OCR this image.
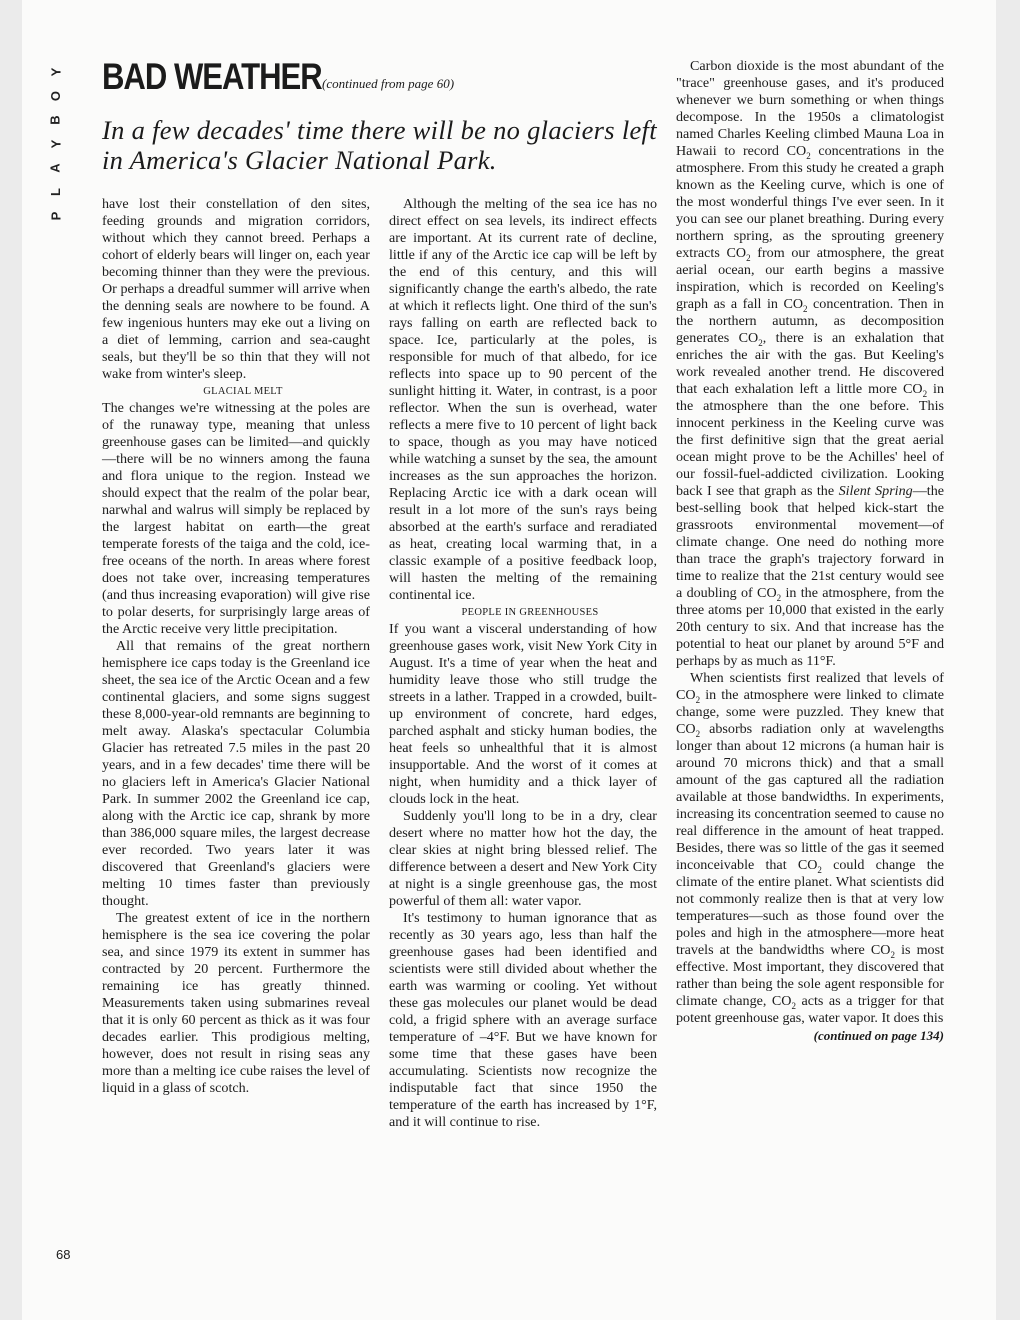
Y
O
B
Y
A
L
P
BAD WEATHER (continued from page 60)
In a few decades' time there will be no glaciers left in America's Glacier National Park.

have lost their constellation of den sites, feeding grounds and migration corridors, without which they cannot breed. Perhaps a cohort of elderly bears will linger on, each year becoming thinner than they were the previous. Or perhaps a dreadful summer will arrive when the denning seals are nowhere to be found. A few ingenious hunters may eke out a living on a diet of lemming, carrion and sea-caught seals, but they'll be so thin that they will not wake from winter's sleep.

GLACIAL MELT

The changes we're witnessing at the poles are of the runaway type, meaning that unless greenhouse gases can be limited—and quickly—there will be no winners among the fauna and flora unique to the region. Instead we should expect that the realm of the polar bear, narwhal and walrus will simply be replaced by the largest habitat on earth—the great temperate forests of the taiga and the cold, ice-free oceans of the north. In areas where forest does not take over, increasing temperatures (and thus increasing evaporation) will give rise to polar deserts, for surprisingly large areas of the Arctic receive very little precipitation.

All that remains of the great northern hemisphere ice caps today is the Greenland ice sheet, the sea ice of the Arctic Ocean and a few continental glaciers, and some signs suggest these 8,000-year-old remnants are beginning to melt away. Alaska's spectacular Columbia Glacier has retreated 7.5 miles in the past 20 years, and in a few decades' time there will be no glaciers left in America's Glacier National Park. In summer 2002 the Greenland ice cap, along with the Arctic ice cap, shrank by more than 386,000 square miles, the largest decrease ever recorded. Two years later it was discovered that Greenland's glaciers were melting 10 times faster than previously thought.

The greatest extent of ice in the northern hemisphere is the sea ice covering the polar sea, and since 1979 its extent in summer has contracted by 20 percent. Furthermore the remaining ice has greatly thinned. Measurements taken using submarines reveal that it is only 60 percent as thick as it was four decades earlier. This prodigious melting, however, does not result in rising seas any more than a melting ice cube raises the level of liquid in a glass of scotch.

Although the melting of the sea ice has no direct effect on sea levels, its indirect effects are important. At its current rate of decline, little if any of the Arctic ice cap will be left by the end of this century, and this will significantly change the earth's albedo, the rate at which it reflects light. One third of the sun's rays falling on earth are reflected back to space. Ice, particularly at the poles, is responsible for much of that albedo, for ice reflects into space up to 90 percent of the sunlight hitting it. Water, in contrast, is a poor reflector. When the sun is overhead, water reflects a mere five to 10 percent of light back to space, though as you may have noticed while watching a sunset by the sea, the amount increases as the sun approaches the horizon. Replacing Arctic ice with a dark ocean will result in a lot more of the sun's rays being absorbed at the earth's surface and reradiated as heat, creating local warming that, in a classic example of a positive feedback loop, will hasten the melting of the remaining continental ice.

PEOPLE IN GREENHOUSES

If you want a visceral understanding of how greenhouse gases work, visit New York City in August. It's a time of year when the heat and humidity leave those who still trudge the streets in a lather. Trapped in a crowded, built-up environment of concrete, hard edges, parched asphalt and sticky human bodies, the heat feels so unhealthful that it is almost insupportable. And the worst of it comes at night, when humidity and a thick layer of clouds lock in the heat.

Suddenly you'll long to be in a dry, clear desert where no matter how hot the day, the clear skies at night bring blessed relief. The difference between a desert and New York City at night is a single greenhouse gas, the most powerful of them all: water vapor.

It's testimony to human ignorance that as recently as 30 years ago, less than half the greenhouse gases had been identified and scientists were still divided about whether the earth was warming or cooling. Yet without these gas molecules our planet would be dead cold, a frigid sphere with an average surface temperature of –4°F. But we have known for some time that these gases have been accumulating. Scientists now recognize the indisputable fact that since 1950 the temperature of the earth has increased by 1°F, and it will continue to rise.

Carbon dioxide is the most abundant of the "trace" greenhouse gases, and it's produced whenever we burn something or when things decompose. In the 1950s a climatologist named Charles Keeling climbed Mauna Loa in Hawaii to record $CO_2$ concentrations in the atmosphere. From this study he created a graph known as the Keeling curve, which is one of the most wonderful things I've ever seen. In it you can see our planet breathing. During every northern spring, as the sprouting greenery extracts $CO_2$ from our atmosphere, the great aerial ocean, our earth begins a massive inspiration, which is recorded on Keeling's graph as a fall in $CO_2$ concentration. Then in the northern autumn, as decomposition generates $CO_2$, there is an exhalation that enriches the air with the gas. But Keeling's work revealed another trend. He discovered that each exhalation left a little more $CO_2$ in the atmosphere than the one before. This innocent perkiness in the Keeling curve was the first definitive sign that the great aerial ocean might prove to be the Achilles' heel of our fossil-fuel-addicted civilization. Looking back I see that graph as the Silent Spring—the best-selling book that helped kick-start the grassroots environmental movement—of climate change. One need do nothing more than trace the graph's trajectory forward in time to realize that the 21st century would see a doubling of $CO_2$ in the atmosphere, from the three atoms per 10,000 that existed in the early 20th century to six. And that increase has the potential to heat our planet by around 5°F and perhaps by as much as 11°F.

When scientists first realized that levels of $CO_2$ in the atmosphere were linked to climate change, some were puzzled. They knew that $CO_2$ absorbs radiation only at wavelengths longer than about 12 microns (a human hair is around 70 microns thick) and that a small amount of the gas captured all the radiation available at those bandwidths. In experiments, increasing its concentration seemed to cause no real difference in the amount of heat trapped. Besides, there was so little of the gas it seemed inconceivable that $CO_2$ could change the climate of the entire planet. What scientists did not commonly realize then is that at very low temperatures—such as those found over the poles and high in the atmosphere—more heat travels at the bandwidths where $CO_2$ is most effective. Most important, they discovered that rather than being the sole agent responsible for climate change, $CO_2$ acts as a trigger for that potent greenhouse gas, water vapor. It does this

(continued on page 134)

68
